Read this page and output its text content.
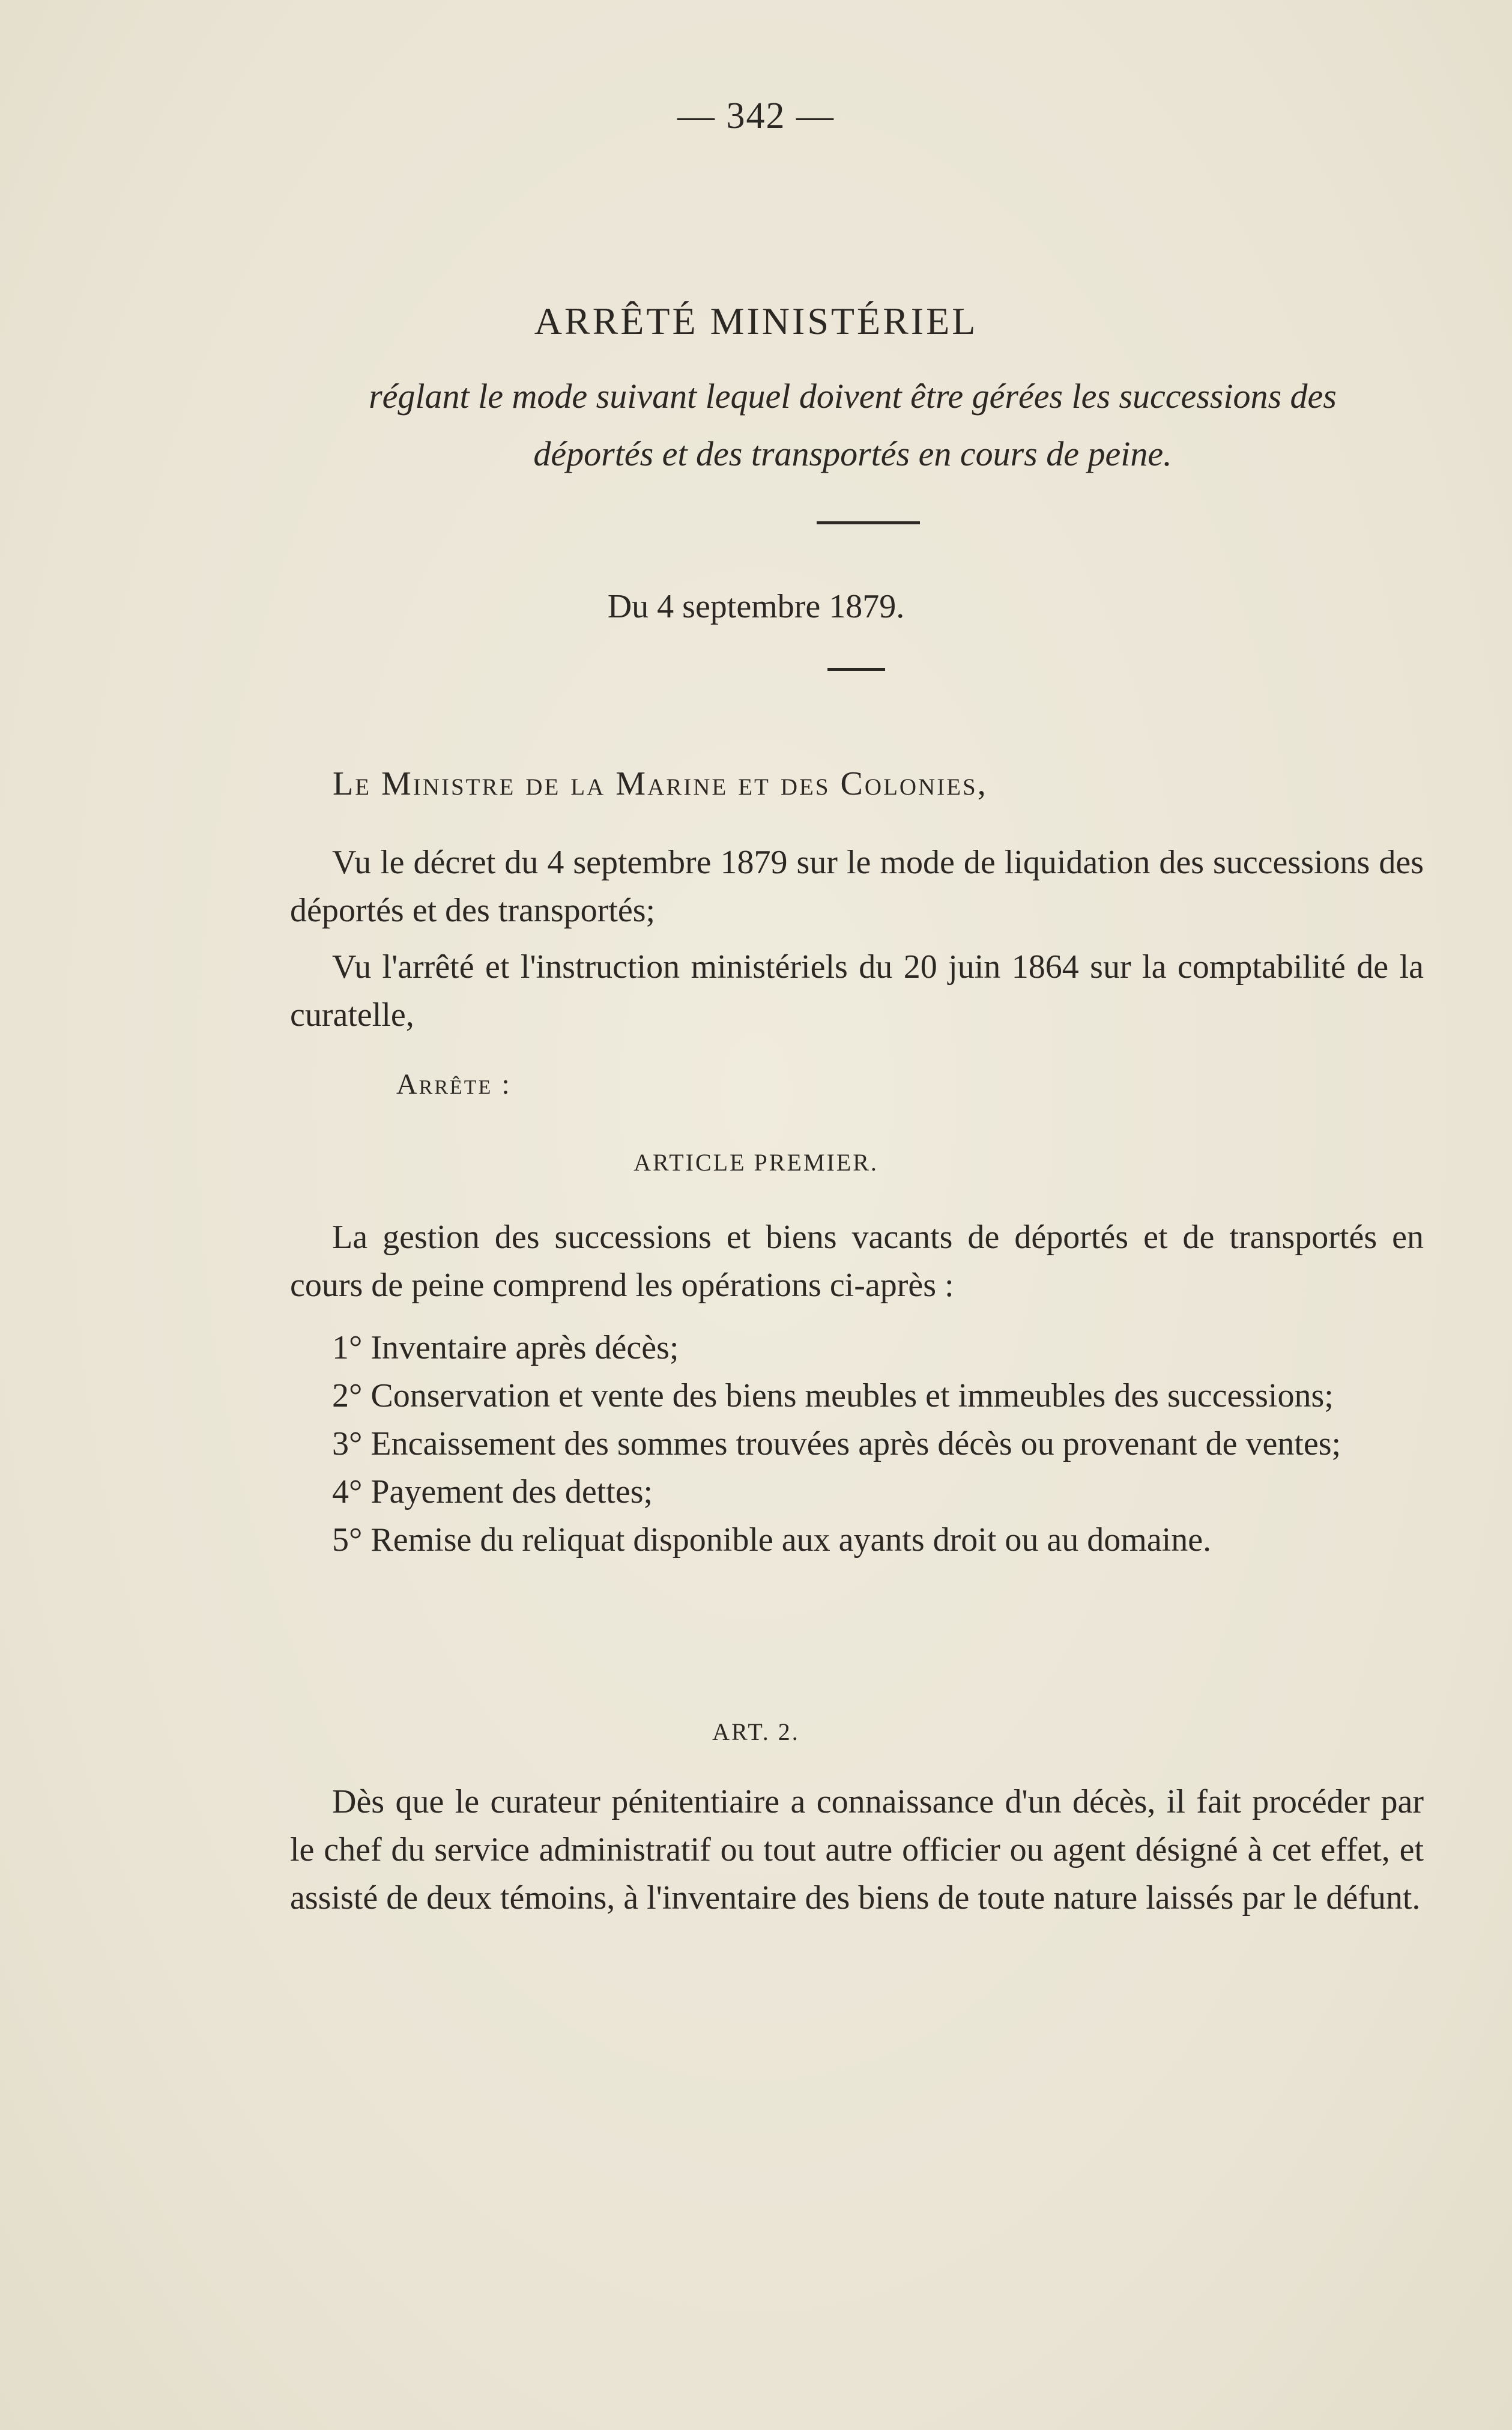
— 342 —
ARRÊTÉ MINISTÉRIEL
réglant le mode suivant lequel doivent être gérées les successions des déportés et des transportés en cours de peine.
Du 4 septembre 1879.
Le Ministre de la Marine et des Colonies,

Vu le décret du 4 septembre 1879 sur le mode de liquidation des successions des déportés et des transportés;

Vu l'arrêté et l'instruction ministériels du 20 juin 1864 sur la comptabilité de la curatelle,

Arrête :
ARTICLE PREMIER.

La gestion des successions et biens vacants de déportés et de transportés en cours de peine comprend les opérations ci-après :

1° Inventaire après décès;

2° Conservation et vente des biens meubles et immeubles des successions;

3° Encaissement des sommes trouvées après décès ou provenant de ventes;

4° Payement des dettes;

5° Remise du reliquat disponible aux ayants droit ou au domaine.

ART. 2.

Dès que le curateur pénitentiaire a connaissance d'un décès, il fait procéder par le chef du service administratif ou tout autre officier ou agent désigné à cet effet, et assisté de deux témoins, à l'inventaire des biens de toute nature laissés par le défunt.
